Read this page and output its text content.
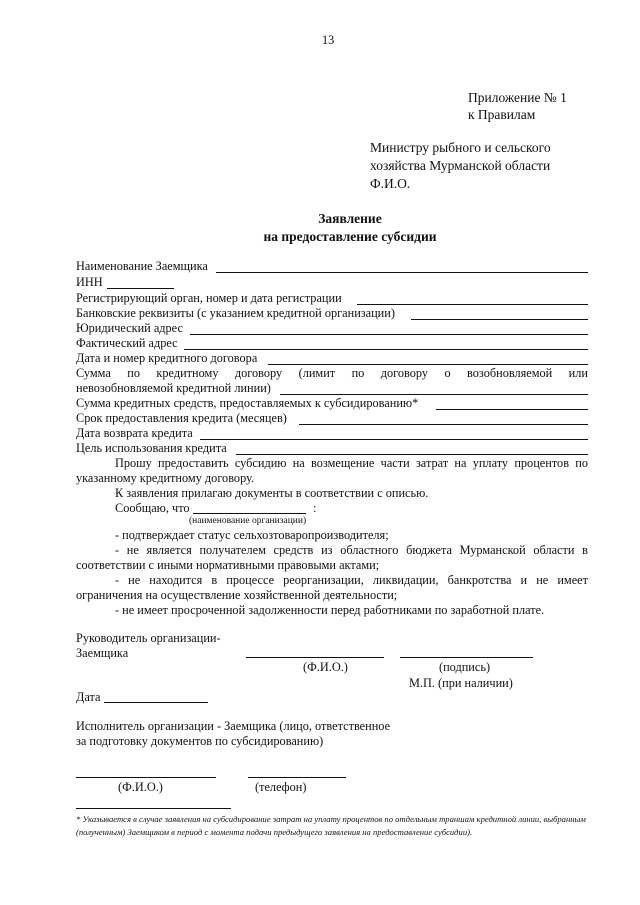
13
Приложение № 1
к Правилам
Министру рыбного и сельского
хозяйства Мурманской области
Ф.И.О.
Заявление
на предоставление субсидии
Наименование Заемщика
ИНН
Регистрирующий орган, номер и дата регистрации
Банковские реквизиты (с указанием кредитной организации)
Юридический адрес
Фактический адрес
Дата и номер кредитного договора
Сумма по кредитному договору (лимит по договору о возобновляемой или
невозобновляемой кредитной линии)
Сумма кредитных средств, предоставляемых к субсидированию*
Срок предоставления кредита (месяцев)
Дата возврата кредита
Цель использования кредита
Прошу предоставить субсидию на возмещение части затрат на уплату процентов по
указанному кредитному договору.
К заявления прилагаю документы в соответствии с описью.
Сообщаю, что	:
(наименование организации)
- подтверждает статус сельхозтоваропроизводителя;
- не является получателем средств из областного бюджета Мурманской области в
соответствии с иными нормативными правовыми актами;
- не находится в процессе реорганизации, ликвидации, банкротства и не имеет
ограничения на осуществление хозяйственной деятельности;
- не имеет просроченной задолженности перед работниками по заработной плате.
Руководитель организации-
Заемщика
(Ф.И.О.)	(подпись)
М.П. (при наличии)
Дата
Исполнитель организации - Заемщика (лицо, ответственное
за подготовку документов по субсидированию)
(Ф.И.О.)	(телефон)
* Указывается в случае заявления на субсидирование затрат на уплату процентов по отдельным траншам кредитной линии, выбранным (полученным) Заемщиком в период с момента подачи предыдущего заявления на предоставление субсидии).
